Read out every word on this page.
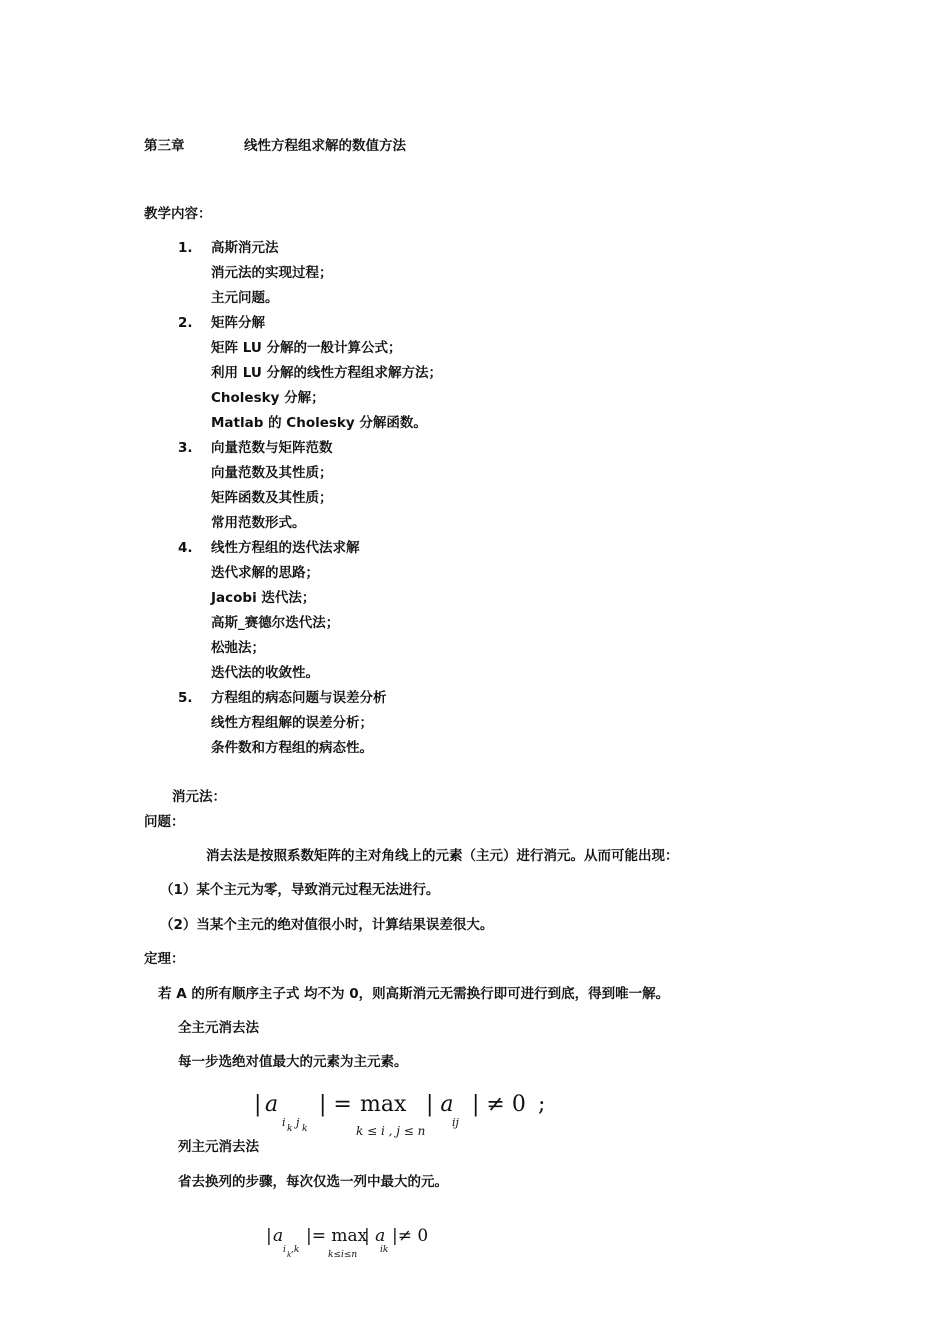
第三章	线性方程组求解的数值方法
教学内容：
1. 高斯消元法
消元法的实现过程；
主元问题。
2. 矩阵分解
矩阵 LU 分解的一般计算公式；
利用 LU 分解的线性方程组求解方法；
Cholesky 分解；
Matlab 的 Cholesky 分解函数。
3. 向量范数与矩阵范数
向量范数及其性质；
矩阵函数及其性质；
常用范数形式。
4. 线性方程组的迭代法求解
迭代求解的思路；
Jacobi 迭代法；
高斯_赛德尔迭代法；
松弛法；
迭代法的收敛性。
5. 方程组的病态问题与误差分析
线性方程组解的误差分析；
条件数和方程组的病态性。
消元法：
问题：
消去法是按照系数矩阵的主对角线上的元素（主元）进行消元。从而可能出现：
（1）某个主元为零，导致消元过程无法进行。
（2）当某个主元的绝对值很小时，计算结果误差很大。
定理：
若 A 的所有顺序主子式 均不为 0，则高斯消元无需换行即可进行到底，得到唯一解。
全主元消去法
每一步选绝对值最大的元素为主元素。
| a
i k j k
| = max
k ≤ i , j ≤ n
| a
ij
| ≠ 0 ;
列主元消去法
省去换列的步骤，每次仅选一列中最大的元。
| a
i k ,k
|= max
k≤i≤n
| a
ik
|≠ 0
